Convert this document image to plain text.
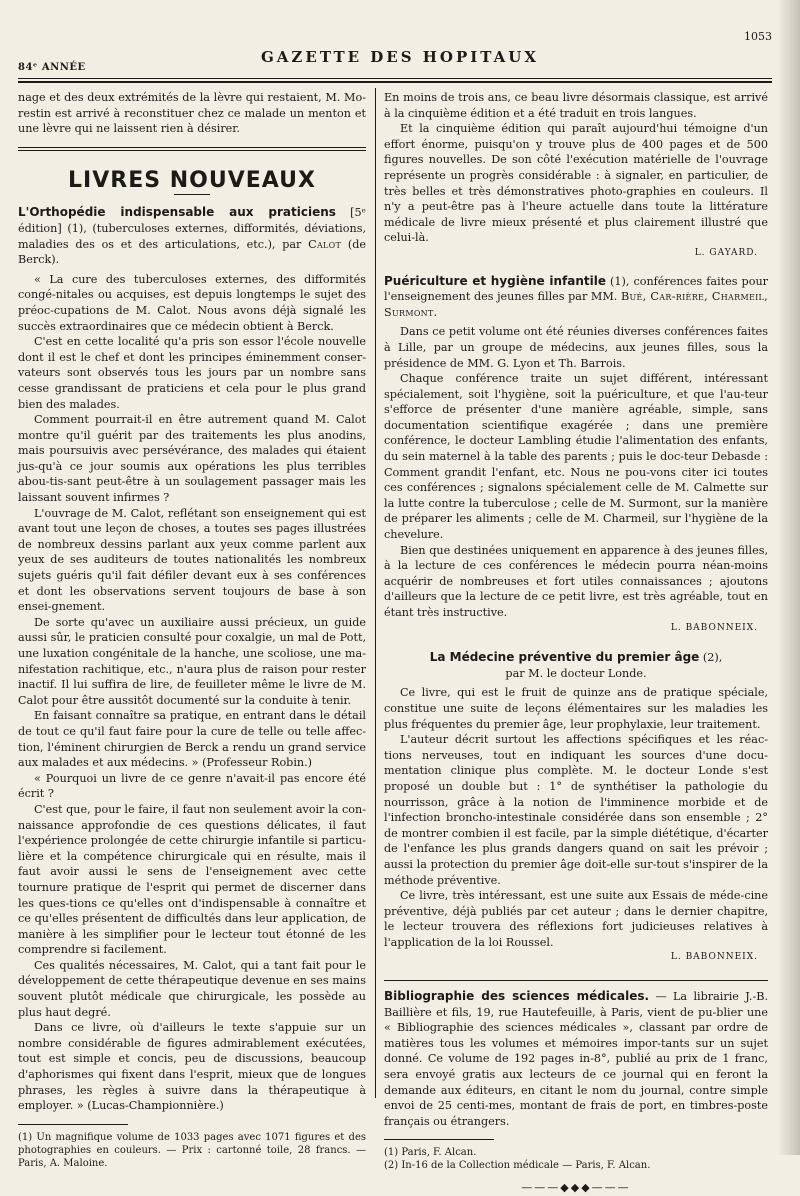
84ᵉ ANNÉE
GAZETTE DES HOPITAUX
1053

nage et des deux extrémités de la lèvre qui restaient, M. Mo-restin est arrivé à reconstituer chez ce malade un menton et une lèvre qui ne laissent rien à désirer.

LIVRES NOUVEAUX

L'Orthopédie indispensable aux praticiens [5ᵉ édition] (1), (tuberculoses externes, difformités, déviations, maladies des os et des articulations, etc.), par Calot (de Berck).

« La cure des tuberculoses externes, des difformités congé-nitales ou acquises, est depuis longtemps le sujet des préoc-cupations de M. Calot. Nous avons déjà signalé les succès extraordinaires que ce médecin obtient à Berck.

C'est en cette localité qu'a pris son essor l'école nouvelle dont il est le chef et dont les principes éminemment conser-vateurs sont observés tous les jours par un nombre sans cesse grandissant de praticiens et cela pour le plus grand bien des malades.

Comment pourrait-il en être autrement quand M. Calot montre qu'il guérit par des traitements les plus anodins, mais poursuivis avec persévérance, des malades qui étaient jus-qu'à ce jour soumis aux opérations les plus terribles abou-tis-sant peut-être à un soulagement passager mais les laissant souvent infirmes ?

L'ouvrage de M. Calot, reflétant son enseignement qui est avant tout une leçon de choses, a toutes ses pages illustrées de nombreux dessins parlant aux yeux comme parlent aux yeux de ses auditeurs de toutes nationalités les nombreux sujets guéris qu'il fait défiler devant eux à ses conférences et dont les observations servent toujours de base à son ensei-gnement.

De sorte qu'avec un auxiliaire aussi précieux, un guide aussi sûr, le praticien consulté pour coxalgie, un mal de Pott, une luxation congénitale de la hanche, une scoliose, une ma-nifestation rachitique, etc., n'aura plus de raison pour rester inactif. Il lui suffira de lire, de feuilleter même le livre de M. Calot pour être aussitôt documenté sur la conduite à tenir.

En faisant connaître sa pratique, en entrant dans le détail de tout ce qu'il faut faire pour la cure de telle ou telle affec-tion, l'éminent chirurgien de Berck a rendu un grand service aux malades et aux médecins. » (Professeur Robin.)

« Pourquoi un livre de ce genre n'avait-il pas encore été écrit ?

C'est que, pour le faire, il faut non seulement avoir la con-naissance approfondie de ces questions délicates, il faut l'expérience prolongée de cette chirurgie infantile si particu-lière et la compétence chirurgicale qui en résulte, mais il faut avoir aussi le sens de l'enseignement avec cette tournure pratique de l'esprit qui permet de discerner dans les ques-tions ce qu'elles ont d'indispensable à connaître et ce qu'elles présentent de difficultés dans leur application, de manière à les simplifier pour le lecteur tout étonné de les comprendre si facilement.

Ces qualités nécessaires, M. Calot, qui a tant fait pour le développement de cette thérapeutique devenue en ses mains souvent plutôt médicale que chirurgicale, les possède au plus haut degré.

Dans ce livre, où d'ailleurs le texte s'appuie sur un nombre considérable de figures admirablement exécutées, tout est simple et concis, peu de discussions, beaucoup d'aphorismes qui fixent dans l'esprit, mieux que de longues phrases, les règles à suivre dans la thérapeutique à employer. » (Lucas-Championnière.)

(1) Un magnifique volume de 1033 pages avec 1071 figures et des photographies en couleurs. — Prix : cartonné toile, 28 francs. — Paris, A. Maloine.

En moins de trois ans, ce beau livre désormais classique, est arrivé à la cinquième édition et a été traduit en trois langues.

Et la cinquième édition qui paraît aujourd'hui témoigne d'un effort énorme, puisqu'on y trouve plus de 400 pages et de 500 figures nouvelles. De son côté l'exécution matérielle de l'ouvrage représente un progrès considérable : à signaler, en particulier, de très belles et très démonstratives photo-graphies en couleurs. Il n'y a peut-être pas à l'heure actuelle dans toute la littérature médicale de livre mieux présenté et plus clairement illustré que celui-là.

L. GAYARD.

Puériculture et hygiène infantile (1), conférences faites pour l'enseignement des jeunes filles par MM. Bué, Car-rière, Charmeil, Surmont.

Dans ce petit volume ont été réunies diverses conférences faites à Lille, par un groupe de médecins, aux jeunes filles, sous la présidence de MM. G. Lyon et Th. Barrois.

Chaque conférence traite un sujet différent, intéressant spécialement, soit l'hygiène, soit la puériculture, et que l'au-teur s'efforce de présenter d'une manière agréable, simple, sans documentation scientifique exagérée ; dans une première conférence, le docteur Lambling étudie l'alimentation des enfants, du sein maternel à la table des parents ; puis le doc-teur Debasde : Comment grandit l'enfant, etc. Nous ne pou-vons citer ici toutes ces conférences ; signalons spécialement celle de M. Calmette sur la lutte contre la tuberculose ; celle de M. Surmont, sur la manière de préparer les aliments ; celle de M. Charmeil, sur l'hygiène de la chevelure.

Bien que destinées uniquement en apparence à des jeunes filles, à la lecture de ces conférences le médecin pourra néan-moins acquérir de nombreuses et fort utiles connaissances ; ajoutons d'ailleurs que la lecture de ce petit livre, est très agréable, tout en étant très instructive.

L. BABONNEIX.
La Médecine préventive du premier âge (2),
par M. le docteur Londe.

Ce livre, qui est le fruit de quinze ans de pratique spéciale, constitue une suite de leçons élémentaires sur les maladies les plus fréquentes du premier âge, leur prophylaxie, leur traitement.

L'auteur décrit surtout les affections spécifiques et les réac-tions nerveuses, tout en indiquant les sources d'une docu-mentation clinique plus complète. M. le docteur Londe s'est proposé un double but : 1° de synthétiser la pathologie du nourrisson, grâce à la notion de l'imminence morbide et de l'infection broncho-intestinale considérée dans son ensemble ; 2° de montrer combien il est facile, par la simple diététique, d'écarter de l'enfance les plus grands dangers quand on sait les prévoir ; aussi la protection du premier âge doit-elle sur-tout s'inspirer de la méthode préventive.

Ce livre, très intéressant, est une suite aux Essais de méde-cine préventive, déjà publiés par cet auteur ; dans le dernier chapitre, le lecteur trouvera des réflexions fort judicieuses relatives à l'application de la loi Roussel.

L. BABONNEIX.

Bibliographie des sciences médicales. — La librairie J.-B. Baillière et fils, 19, rue Hautefeuille, à Paris, vient de pu-blier une « Bibliographie des sciences médicales », classant par ordre de matières tous les volumes et mémoires impor-tants sur un sujet donné. Ce volume de 192 pages in-8°, publié au prix de 1 franc, sera envoyé gratis aux lecteurs de ce journal qui en feront la demande aux éditeurs, en citant le nom du journal, contre simple envoi de 25 centi-mes, montant de frais de port, en timbres-poste français ou étrangers.

(1) Paris, F. Alcan.

(2) In-16 de la Collection médicale — Paris, F. Alcan.

———◆◆◆———
